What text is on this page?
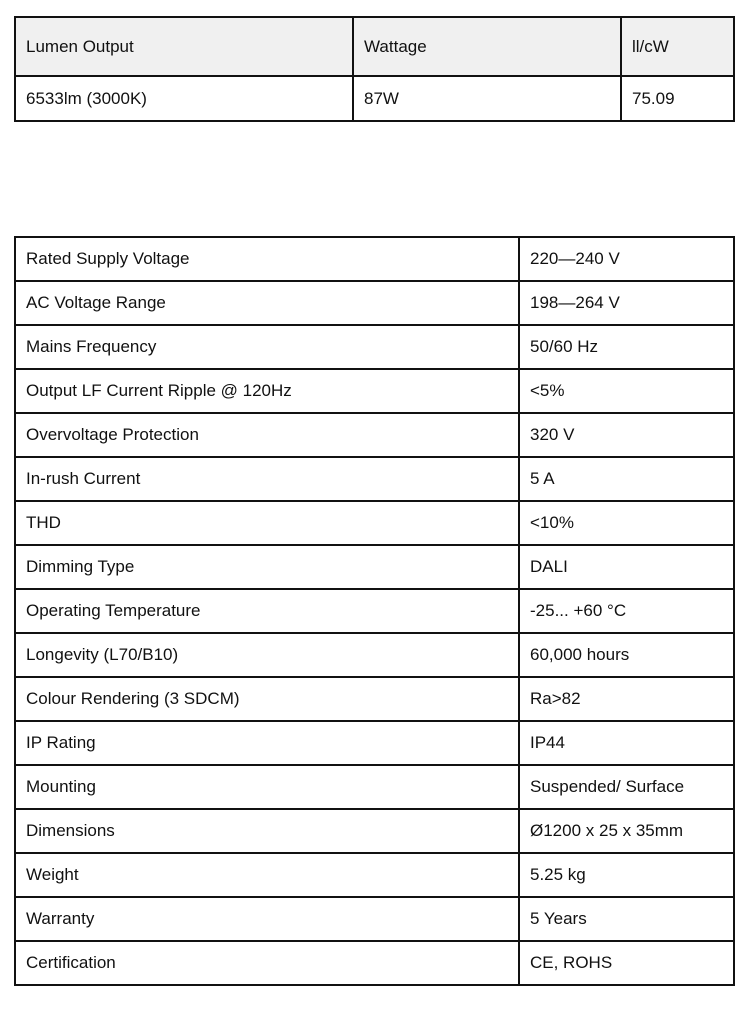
Lumen Output	Wattage	ll/cW
6533lm (3000K)	87W	75.09
Rated Supply Voltage	220—240 V
AC Voltage Range	198—264 V
Mains Frequency	50/60 Hz
Output LF Current Ripple @ 120Hz	<5%
Overvoltage Protection	320 V
In-rush Current	5 A
THD	<10%
Dimming Type	DALI
Operating Temperature	-25... +60 °C
Longevity (L70/B10)	60,000 hours
Colour Rendering (3 SDCM)	Ra>82
IP Rating	IP44
Mounting	Suspended/ Surface
Dimensions	Ø1200 x 25 x 35mm
Weight	5.25 kg
Warranty	5 Years
Certification	CE, ROHS
